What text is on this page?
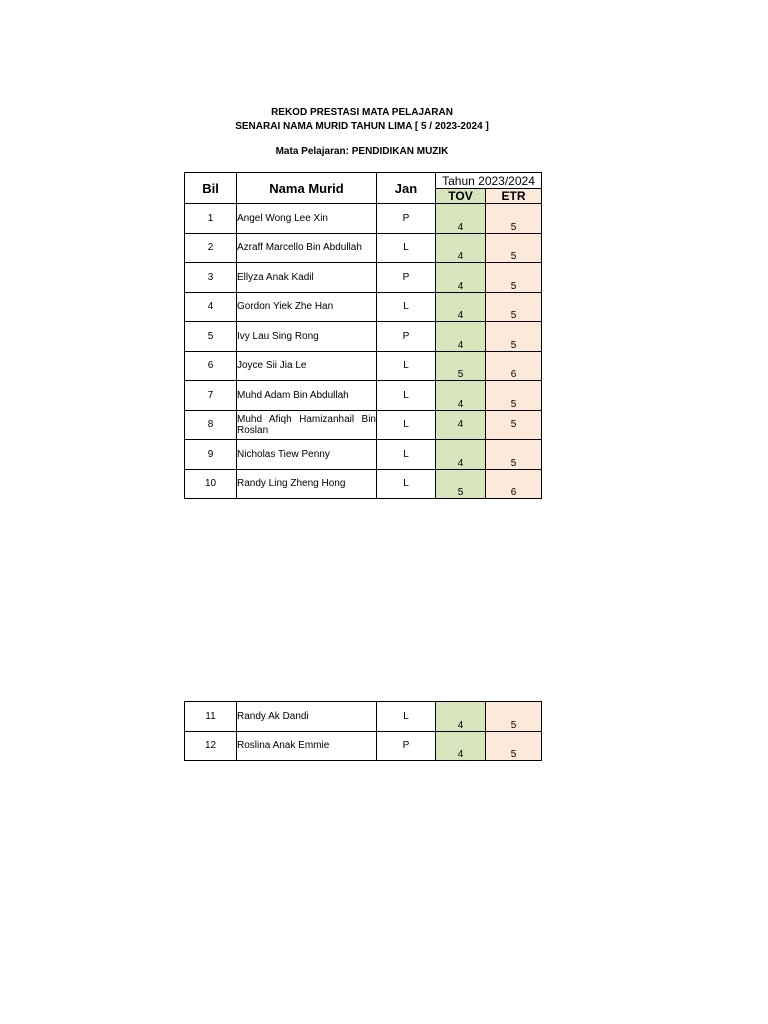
REKOD PRESTASI MATA PELAJARAN
SENARAI NAMA MURID TAHUN LIMA [ 5 / 2023-2024 ]
Mata Pelajaran: PENDIDIKAN MUZIK
Bil	Nama Murid	Jan	Tahun 2023/2024	
			TOV	ETR
1	Angel Wong Lee Xin	P	4	5
2	Azraff Marcello Bin Abdullah	L	4	5
3	Ellyza Anak Kadil	P	4	5
4	Gordon Yiek Zhe Han	L	4	5
5	Ivy Lau Sing Rong	P	4	5
6	Joyce Sii Jia Le	L	5	6
7	Muhd Adam Bin Abdullah	L	4	5
8	Muhd Afiqh Hamizanhail Bin Roslan	L	4	5
9	Nicholas Tiew Penny	L	4	5
10	Randy Ling Zheng Hong	L	5	6
11	Randy Ak Dandi	L	4	5
12	Roslina Anak Emmie	P	4	5
